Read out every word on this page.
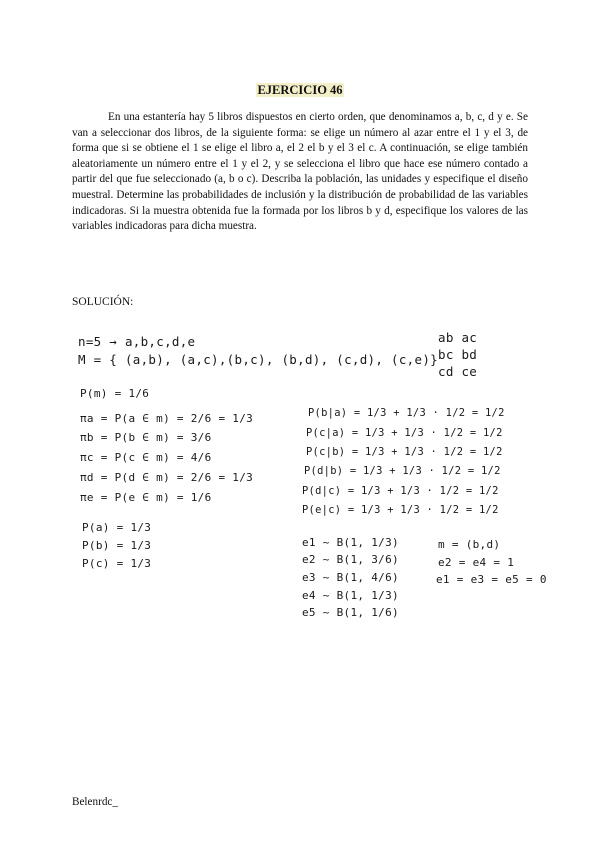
EJERCICIO 46
En una estantería hay 5 libros dispuestos en cierto orden, que denominamos a, b, c, d y e. Se van a seleccionar dos libros, de la siguiente forma: se elige un número al azar entre el 1 y el 3, de forma que si se obtiene el 1 se elige el libro a, el 2 el b y el 3 el c. A continuación, se elige también aleatoriamente un número entre el 1 y el 2, y se selecciona el libro que hace ese número contado a partir del que fue seleccionado (a, b o c). Describa la población, las unidades y especifique el diseño muestral. Determine las probabilidades de inclusión y la distribución de probabilidad de las variables indicadoras. Si la muestra obtenida fue la formada por los libros b y d, especifique los valores de las variables indicadoras para dicha muestra.
SOLUCIÓN:
n=5 → a,b,c,d,e
M = { (a,b), (a,c),(b,c), (b,d), (c,d), (c,e)}
ab ac
bc bd
cd ce
P(m) = 1/6
πa = P(a ∈ m) = 2/6 = 1/3
πb = P(b ∈ m) = 3/6
πc = P(c ∈ m) = 4/6
πd = P(d ∈ m) = 2/6 = 1/3
πe = P(e ∈ m) = 1/6
P(b|a) = 1/3 + 1/3 · 1/2 = 1/2
P(c|a) = 1/3 + 1/3 · 1/2 = 1/2
P(c|b) = 1/3 + 1/3 · 1/2 = 1/2
P(d|b) = 1/3 + 1/3 · 1/2 = 1/2
P(d|c) = 1/3 + 1/3 · 1/2 = 1/2
P(e|c) = 1/3 + 1/3 · 1/2 = 1/2
P(a) = 1/3
P(b) = 1/3
P(c) = 1/3
e1 ~ B(1, 1/3)
e2 ~ B(1, 3/6)
e3 ~ B(1, 4/6)
e4 ~ B(1, 1/3)
e5 ~ B(1, 1/6)
m = (b,d)
e2 = e4 = 1
e1 = e3 = e5 = 0
Belenrdc_
